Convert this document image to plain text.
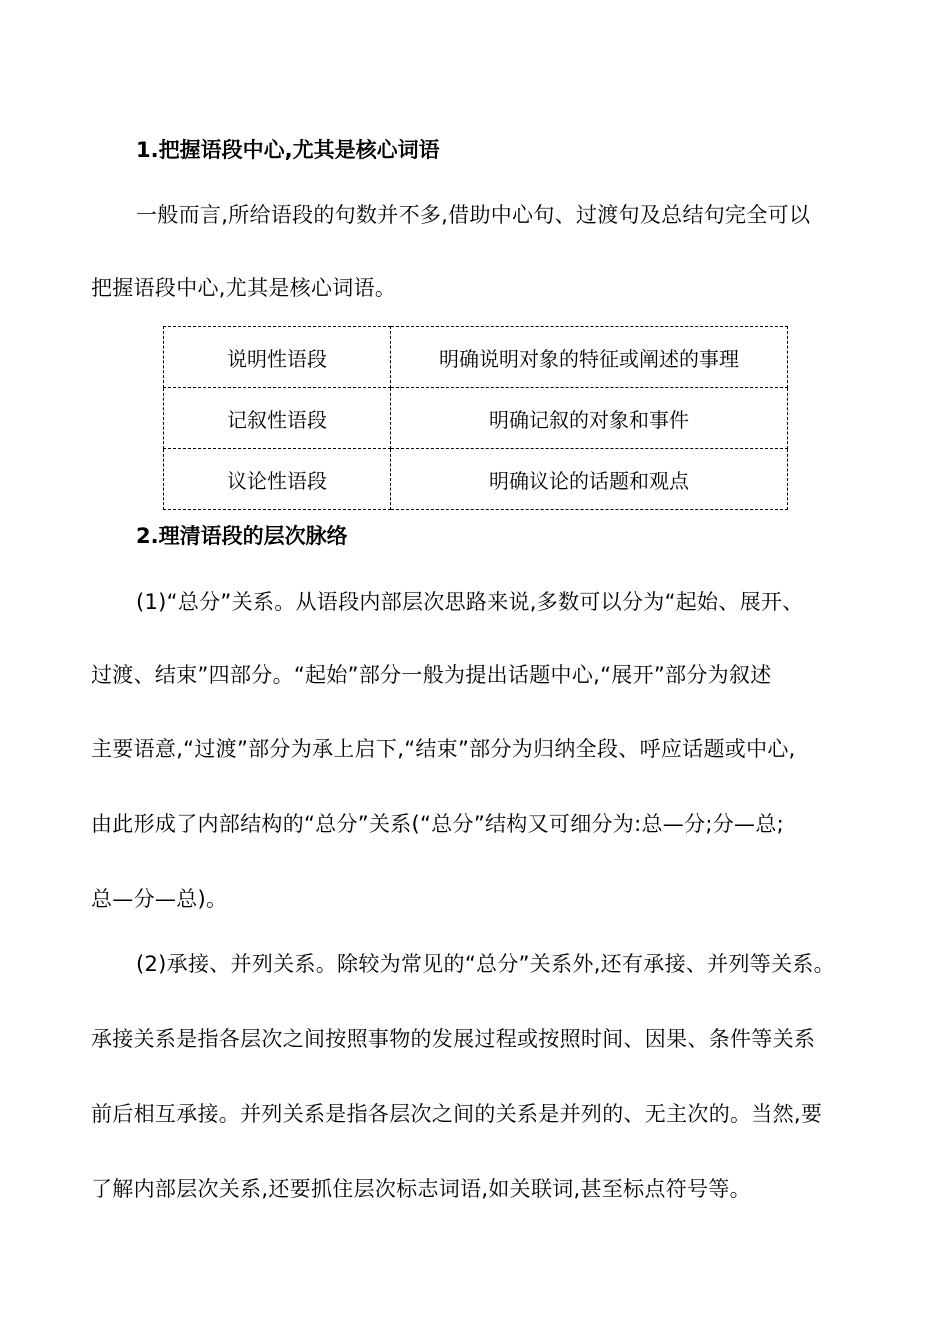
1.把握语段中心,尤其是核心词语
一般而言,所给语段的句数并不多,借助中心句、过渡句及总结句完全可以
把握语段中心,尤其是核心词语。
说明性语段	明确说明对象的特征或阐述的事理
记叙性语段	明确记叙的对象和事件
议论性语段	明确议论的话题和观点
2.理清语段的层次脉络
(1)“总分”关系。从语段内部层次思路来说,多数可以分为“起始、展开、
过渡、结束”四部分。“起始”部分一般为提出话题中心,“展开”部分为叙述
主要语意,“过渡”部分为承上启下,“结束”部分为归纳全段、呼应话题或中心,
由此形成了内部结构的“总分”关系(“总分”结构又可细分为:总—分;分—总;
总—分—总)。
(2)承接、并列关系。除较为常见的“总分”关系外,还有承接、并列等关系。
承接关系是指各层次之间按照事物的发展过程或按照时间、因果、条件等关系
前后相互承接。并列关系是指各层次之间的关系是并列的、无主次的。当然,要
了解内部层次关系,还要抓住层次标志词语,如关联词,甚至标点符号等。
